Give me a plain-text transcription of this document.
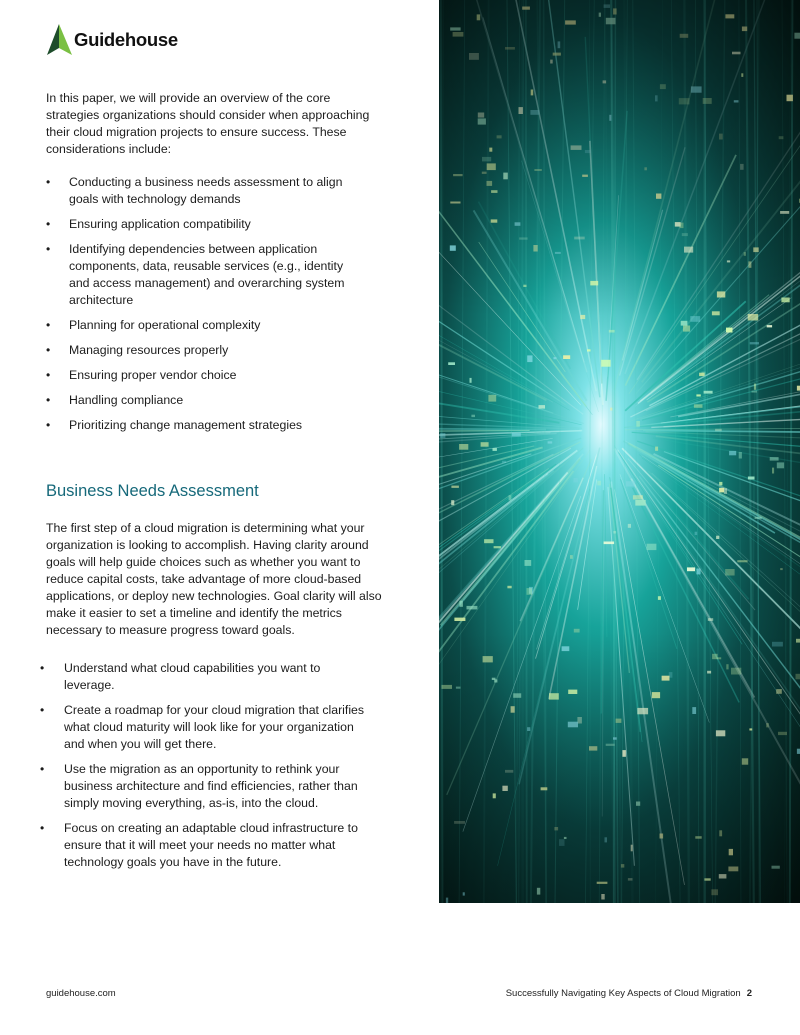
Guidehouse

In this paper, we will provide an overview of the core strategies organizations should consider when approaching their cloud migration projects to ensure success. These considerations include:

• Conducting a business needs assessment to align goals with technology demands
• Ensuring application compatibility
• Identifying dependencies between application components, data, reusable services (e.g., identity and access management) and overarching system architecture
• Planning for operational complexity
• Managing resources properly
• Ensuring proper vendor choice
• Handling compliance
• Prioritizing change management strategies
Business Needs Assessment

The first step of a cloud migration is determining what your organization is looking to accomplish. Having clarity around goals will help guide choices such as whether you want to reduce capital costs, take advantage of more cloud-based applications, or deploy new technologies. Goal clarity will also make it easier to set a timeline and identify the metrics necessary to measure progress toward goals.

• Understand what cloud capabilities you want to leverage.
• Create a roadmap for your cloud migration that clarifies what cloud maturity will look like for your organization and when you will get there.
• Use the migration as an opportunity to rethink your business architecture and find efficiencies, rather than simply moving everything, as-is, into the cloud.
• Focus on creating an adaptable cloud infrastructure to ensure that it will meet your needs no matter what technology goals you have in the future.
guidehouse.com	Successfully Navigating Key Aspects of Cloud Migration 2
